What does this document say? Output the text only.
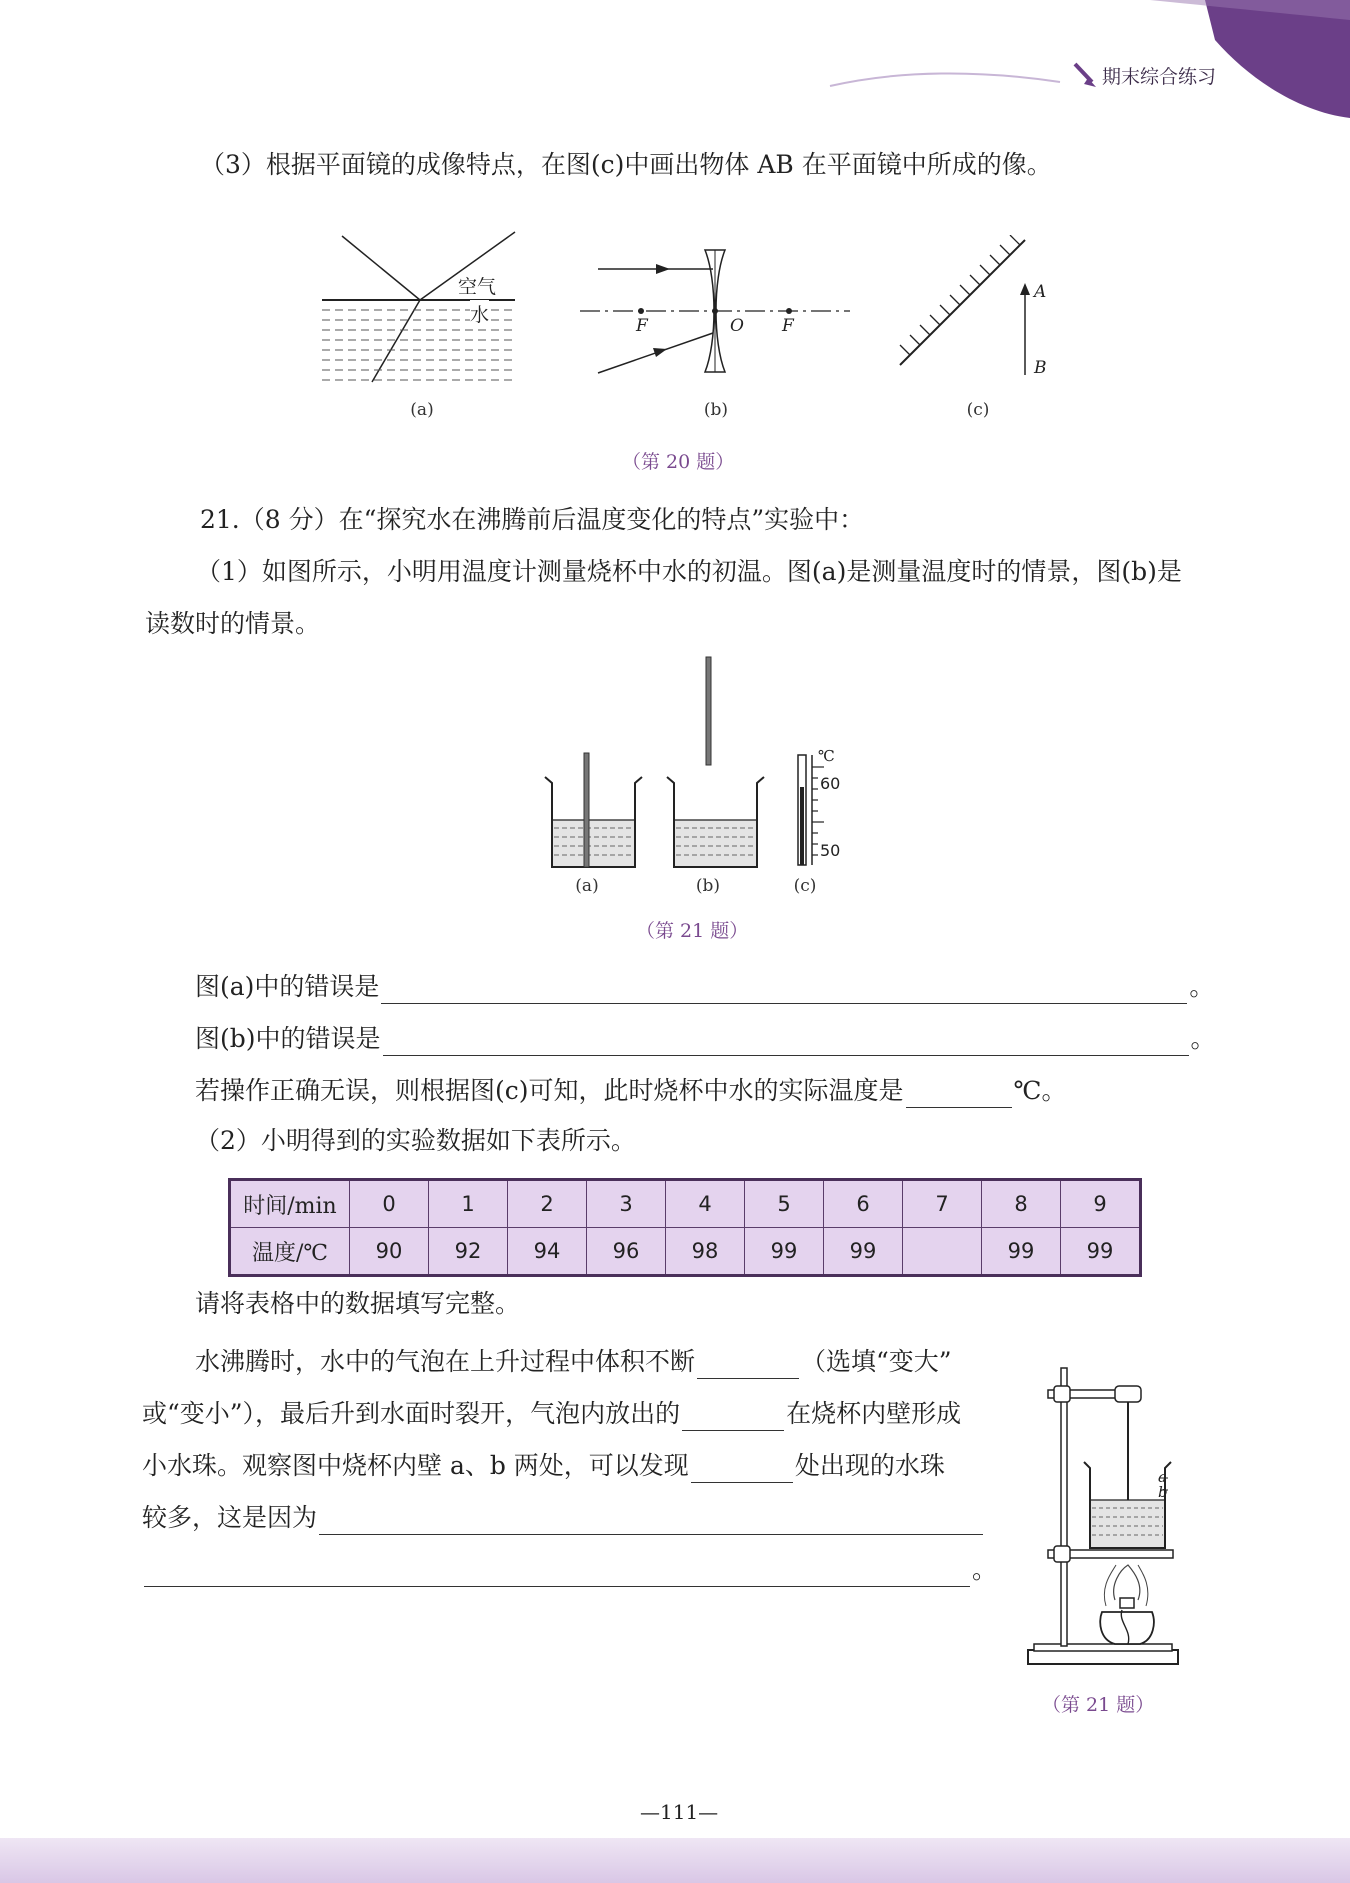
期末综合练习
（3）根据平面镜的成像特点，在图(c)中画出物体 AB 在平面镜中所成的像。
空气
水
(a)
F	O F
(b)
A
B
(c)
（第 20 题）
21.（8 分）在“探究水在沸腾前后温度变化的特点”实验中：
（1）如图所示，小明用温度计测量烧杯中水的初温。图(a)是测量温度时的情景，图(b)是
读数时的情景。
℃
60
50
(a)	(b)	(c)
（第 21 题）
图(a)中的错误是	。
图(b)中的错误是	。
若操作正确无误，则根据图(c)可知，此时烧杯中水的实际温度是	℃。
（2）小明得到的实验数据如下表所示。
时间/min	0	1	2	3	4	5	6	7	8	9
温度/℃	90	92	94	96	98	99	99		99	99
请将表格中的数据填写完整。
水沸腾时，水中的气泡在上升过程中体积不断	（选填“变大”
或“变小”），最后升到水面时裂开，气泡内放出的	在烧杯内壁形成
小水珠。观察图中烧杯内壁 a、b 两处，可以发现	处出现的水珠
较多，这是因为
。
a
b
（第 21 题）
—111—
